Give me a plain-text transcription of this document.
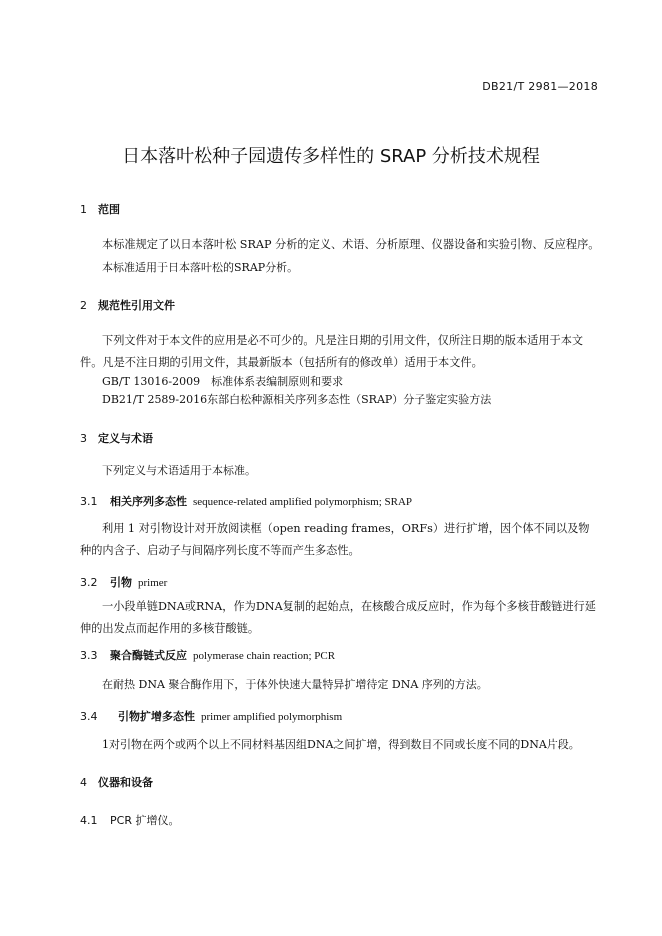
DB21/T 2981—2018
日本落叶松种子园遗传多样性的 SRAP 分析技术规程
1 范围
本标准规定了以日本落叶松 SRAP 分析的定义、术语、分析原理、仪器设备和实验引物、反应程序。
本标准适用于日本落叶松的SRAP分析。
2 规范性引用文件
下列文件对于本文件的应用是必不可少的。凡是注日期的引用文件，仅所注日期的版本适用于本文件。凡是不注日期的引用文件，其最新版本（包括所有的修改单）适用于本文件。
GB/T 13016-2009　标准体系表编制原则和要求
DB21/T 2589-2016东部白松种源相关序列多态性（SRAP）分子鉴定实验方法
3 定义与术语
下列定义与术语适用于本标准。
3.1 相关序列多态性 sequence-related amplified polymorphism; SRAP
利用 1 对引物设计对开放阅读框（open reading frames，ORFs）进行扩增，因个体不同以及物种的内含子、启动子与间隔序列长度不等而产生多态性。
3.2 引物 primer
一小段单链DNA或RNA，作为DNA复制的起始点，在核酸合成反应时，作为每个多核苷酸链进行延伸的出发点而起作用的多核苷酸链。
3.3 聚合酶链式反应 polymerase chain reaction; PCR
在耐热 DNA 聚合酶作用下，于体外快速大量特异扩增待定 DNA 序列的方法。
3.4 引物扩增多态性 primer amplified polymorphism
1对引物在两个或两个以上不同材料基因组DNA之间扩增，得到数目不同或长度不同的DNA片段。
4 仪器和设备
4.1 PCR 扩增仪。
